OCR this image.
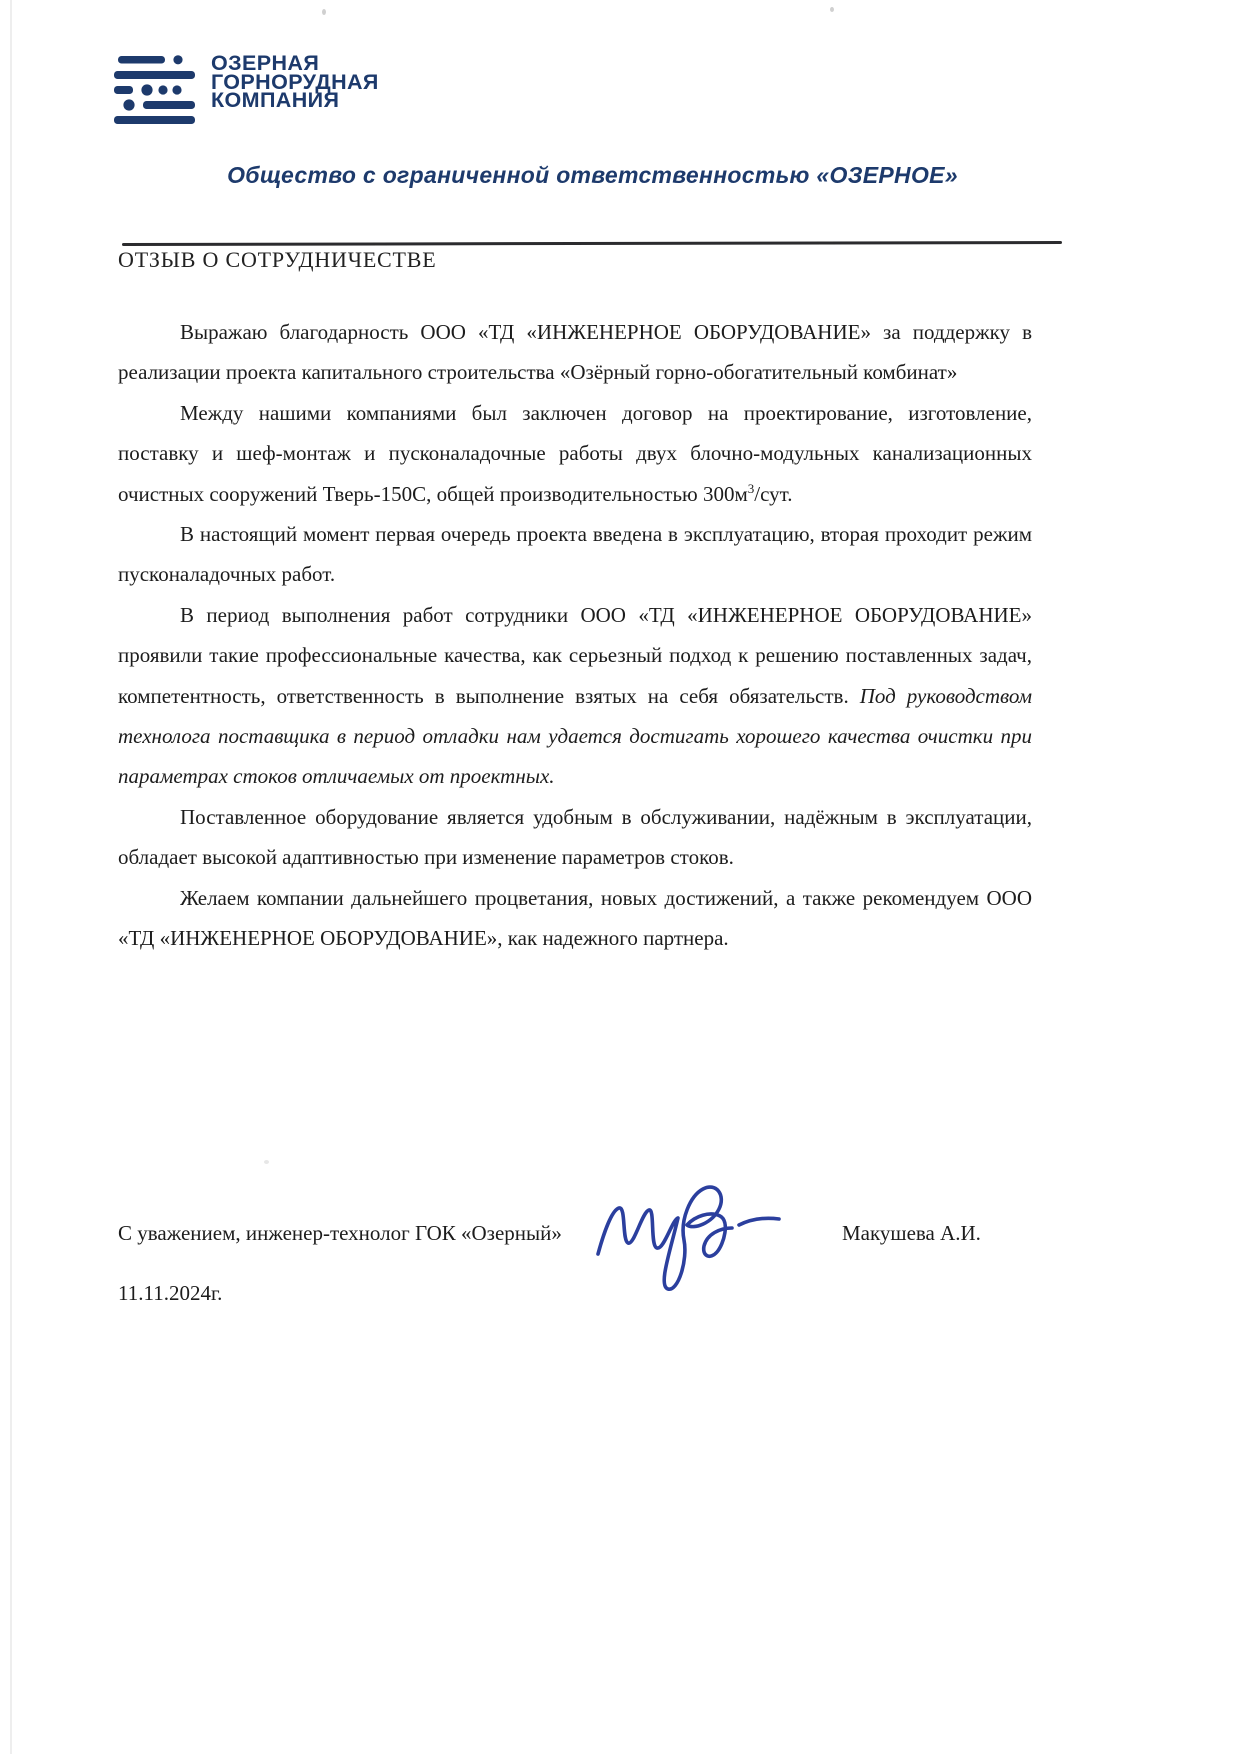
ОЗЕРНАЯ
ГОРНОРУДНАЯ
КОМПАНИЯ
Общество с ограниченной ответственностью «ОЗЕРНОЕ»
ОТЗЫВ О СОТРУДНИЧЕСТВЕ

Выражаю благодарность ООО «ТД «ИНЖЕНЕРНОЕ ОБОРУДОВАНИЕ» за поддержку в реализации проекта капитального строительства «Озёрный горно-обогатительный комбинат»

Между нашими компаниями был заключен договор на проектирование, изготовление, поставку и шеф-монтаж и пусконаладочные работы двух блочно-модульных канализационных очистных сооружений Тверь-150С, общей производительностью $300м^3$/сут.

В настоящий момент первая очередь проекта введена в эксплуатацию, вторая проходит режим пусконаладочных работ.

В период выполнения работ сотрудники ООО «ТД «ИНЖЕНЕРНОЕ ОБОРУДОВАНИЕ» проявили такие профессиональные качества, как серьезный подход к решению поставленных задач, компетентность, ответственность в выполнение взятых на себя обязательств. Под руководством технолога поставщика в период отладки нам удается достигать хорошего качества очистки при параметрах стоков отличаемых от проектных.

Поставленное оборудование является удобным в обслуживании, надёжным в эксплуатации, обладает высокой адаптивностью при изменение параметров стоков.

Желаем компании дальнейшего процветания, новых достижений, а также рекомендуем ООО «ТД «ИНЖЕНЕРНОЕ ОБОРУДОВАНИЕ», как надежного партнера.

С уважением, инженер-технолог ГОК «Озерный»	Макушева А.И.
11.11.2024г.
